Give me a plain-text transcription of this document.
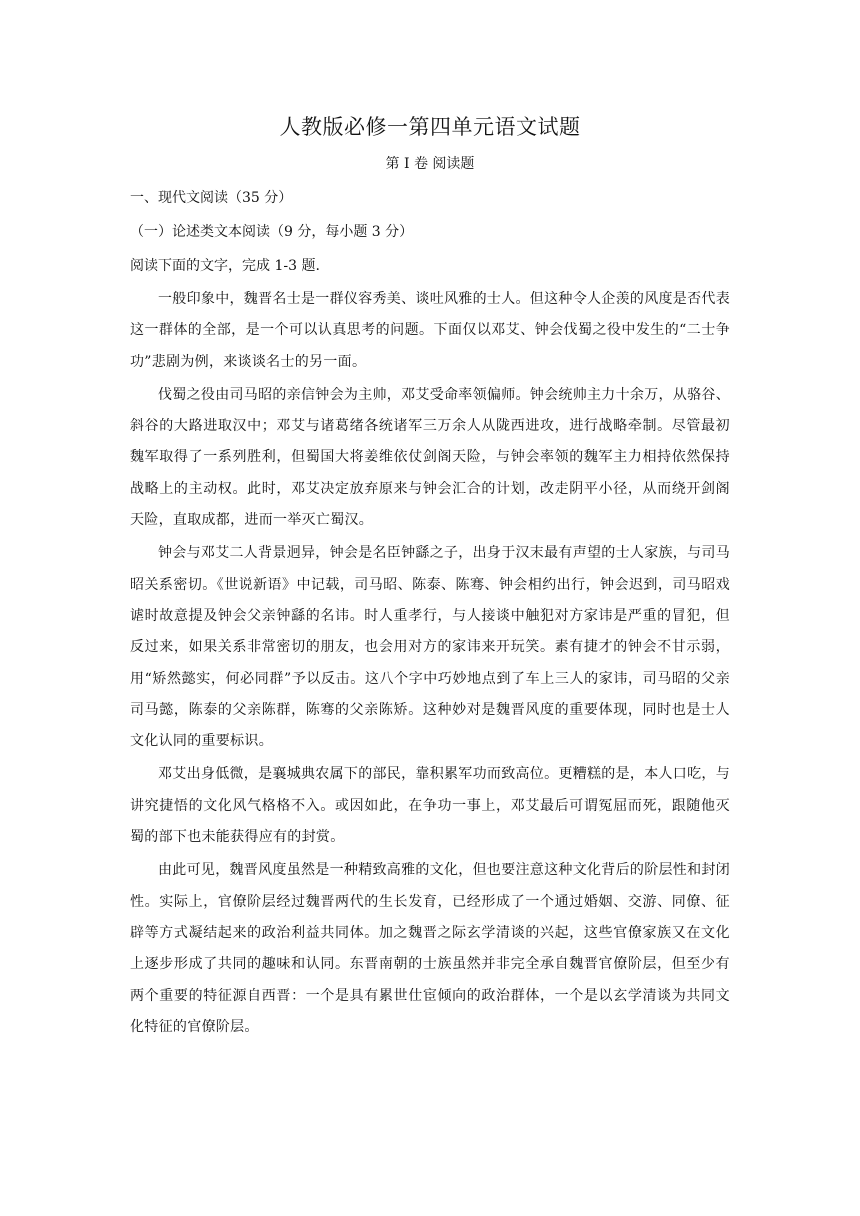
人教版必修一第四单元语文试题
第 I 卷 阅读题
一、现代文阅读（35 分）
（一）论述类文本阅读（9 分，每小题 3 分）
阅读下面的文字，完成 1-3 题.

一般印象中，魏晋名士是一群仪容秀美、谈吐风雅的士人。但这种令人企羡的风度是否代表这一群体的全部，是一个可以认真思考的问题。下面仅以邓艾、钟会伐蜀之役中发生的“二士争功”悲剧为例，来谈谈名士的另一面。

伐蜀之役由司马昭的亲信钟会为主帅，邓艾受命率领偏师。钟会统帅主力十余万，从骆谷、斜谷的大路进取汉中；邓艾与诸葛绪各统诸军三万余人从陇西进攻，进行战略牵制。尽管最初魏军取得了一系列胜利，但蜀国大将姜维依仗剑阁天险，与钟会率领的魏军主力相持依然保持战略上的主动权。此时，邓艾决定放弃原来与钟会汇合的计划，改走阴平小径，从而绕开剑阁天险，直取成都，进而一举灭亡蜀汉。

钟会与邓艾二人背景迥异，钟会是名臣钟繇之子，出身于汉末最有声望的士人家族，与司马昭关系密切。《世说新语》中记载，司马昭、陈泰、陈骞、钟会相约出行，钟会迟到，司马昭戏谑时故意提及钟会父亲钟繇的名讳。时人重孝行，与人接谈中触犯对方家讳是严重的冒犯，但反过来，如果关系非常密切的朋友，也会用对方的家讳来开玩笑。素有捷才的钟会不甘示弱，用“矫然懿实，何必同群”予以反击。这八个字中巧妙地点到了车上三人的家讳，司马昭的父亲司马懿，陈泰的父亲陈群，陈骞的父亲陈矫。这种妙对是魏晋风度的重要体现，同时也是士人文化认同的重要标识。

邓艾出身低微，是襄城典农属下的部民，靠积累军功而致高位。更糟糕的是，本人口吃，与讲究捷悟的文化风气格格不入。或因如此，在争功一事上，邓艾最后可谓冤屈而死，跟随他灭蜀的部下也未能获得应有的封赏。

由此可见，魏晋风度虽然是一种精致高雅的文化，但也要注意这种文化背后的阶层性和封闭性。实际上，官僚阶层经过魏晋两代的生长发育，已经形成了一个通过婚姻、交游、同僚、征辟等方式凝结起来的政治利益共同体。加之魏晋之际玄学清谈的兴起，这些官僚家族又在文化上逐步形成了共同的趣味和认同。东晋南朝的士族虽然并非完全承自魏晋官僚阶层，但至少有两个重要的特征源自西晋：一个是具有累世仕宦倾向的政治群体，一个是以玄学清谈为共同文化特征的官僚阶层。
